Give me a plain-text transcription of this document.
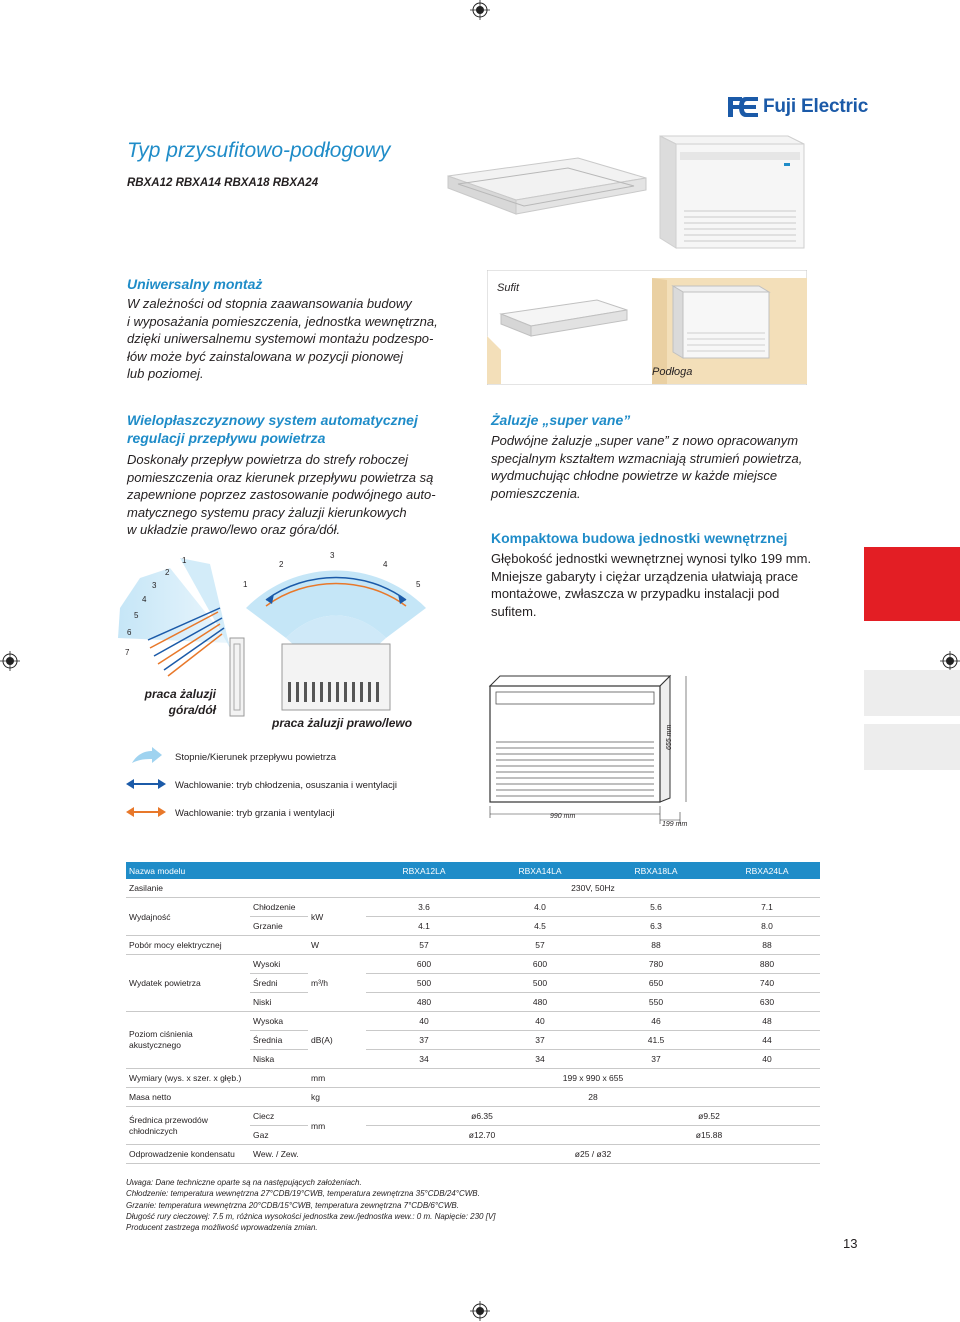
Fuji Electric
Typ przysufitowo-podłogowy
RBXA12 RBXA14 RBXA18 RBXA24
Uniwersalny montaż
W zależności od stopnia zaawansowania budowy
i wyposażania pomieszczenia, jednostka wewnętrzna,
dzięki uniwersalnemu systemowi montażu podzespo-
łów może być zainstalowana w pozycji pionowej
lub poziomej.
Sufit
Podłoga
Wielopłaszczyznowy system automatycznej
regulacji przepływu powietrza
Doskonały przepływ powietrza do strefy roboczej
pomieszczenia oraz kierunek przepływu powietrza są
zapewnione poprzez zastosowanie podwójnego auto-
matycznego systemu pracy żaluzji kierunkowych
w układzie prawo/lewo oraz góra/dół.
Żaluzje „super vane”
Podwójne żaluzje „super vane” z nowo opracowanym
specjalnym kształtem wzmacniają strumień powietrza,
wydmuchując chłodne powietrze w każde miejsce
pomieszczenia.
Kompaktowa budowa jednostki wewnętrznej
Głębokość jednostki wewnętrznej wynosi tylko 199 mm.
Mniejsze gabaryty i ciężar urządzenia ułatwiają prace
montażowe, zwłaszcza w przypadku instalacji pod
sufitem.
1
2
3
4
5
6
7
1
2
3
4
5
praca żaluzji
góra/dół
praca żaluzji prawo/lewo
Stopnie/Kierunek przepływu powietrza
Wachlowanie: tryb chłodzenia, osuszania i wentylacji
Wachlowanie: tryb grzania i wentylacji
655 mm
990 mm
199 mm
Nazwa modelu			RBXA12LA	RBXA14LA	RBXA18LA	RBXA24LA
Zasilanie			230V, 50Hz			
Wydajność	Chłodzenie	kW	3.6	4.0	5.6	7.1
	Grzanie		4.1	4.5	6.3	8.0
Pobór mocy elektrycznej		W	57	57	88	88
Wydatek powietrza	Wysoki	m³/h	600	600	780	880
	Średni		500	500	650	740
	Niski		480	480	550	630

Poziom ciśnienia
akustycznego	Wysoka	dB(A)	40	40	46	48
	Średnia		37	37	41.5	44
	Niska		34	34	37	40
Wymiary (wys. x szer. x głęb.)		mm	199 x 990 x 655			
Masa netto		kg	28			

Średnica przewodów
chłodniczych	Ciecz	mm	ø6.35		ø9.52	
	Gaz		ø12.70		ø15.88	
Odprowadzenie kondensatu	Wew. / Zew.		ø25 / ø32			
Uwaga: Dane techniczne oparte są na następujących założeniach.
Chłodzenie: temperatura wewnętrzna 27°CDB/19°CWB, temperatura zewnętrzna 35°CDB/24°CWB.
Grzanie: temperatura wewnętrzna 20°CDB/15°CWB, temperatura zewnętrzna 7°CDB/6°CWB.
Długość rury cieczowej: 7.5 m, różnica wysokości jednostka zew./jednostka wew.: 0 m. Napięcie: 230 [V]
Producent zastrzega możliwość wprowadzenia zmian.
13
